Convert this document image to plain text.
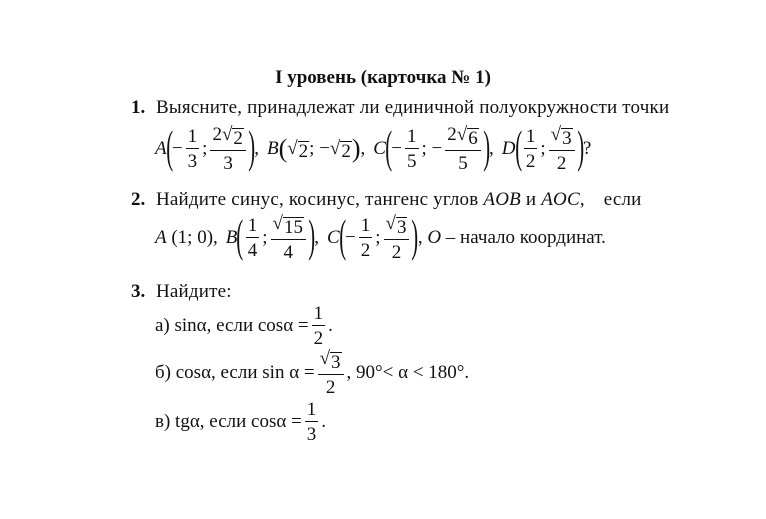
I уровень (карточка № 1)
1. Выясните, принадлежат ли единичной полуокружности точки
A ( − $\frac{1}{3}$ ; $\frac{2 √ 2}{3}$ ) , B ( √ 2 ;
− √ 2 ) , C ( − $\frac{1}{5}$ ;
− $\frac{2 √ 6}{5}$ ) , D ( $\frac{1}{2}$ ; $\frac{√ 3}{2}$ ) ?
2. Найдите синус, косинус, тангенс углов AOB и AOC, если
A
(1; 0), B ( $\frac{1}{4}$ ; $\frac{√ 15}{4}$ ) , C ( − $\frac{1}{2}$ ; $\frac{√ 3}{2}$ ) ,
O – начало координат.
3. Найдите:
а) sinα, если $\cos\alpha = \frac{1}{2}$ .
б) cosα, если $\sin \alpha = \frac{√ 3}{2}$ , 90°< α < 180°.
в) tgα, если $\cos\alpha = \frac{1}{3}$ .
